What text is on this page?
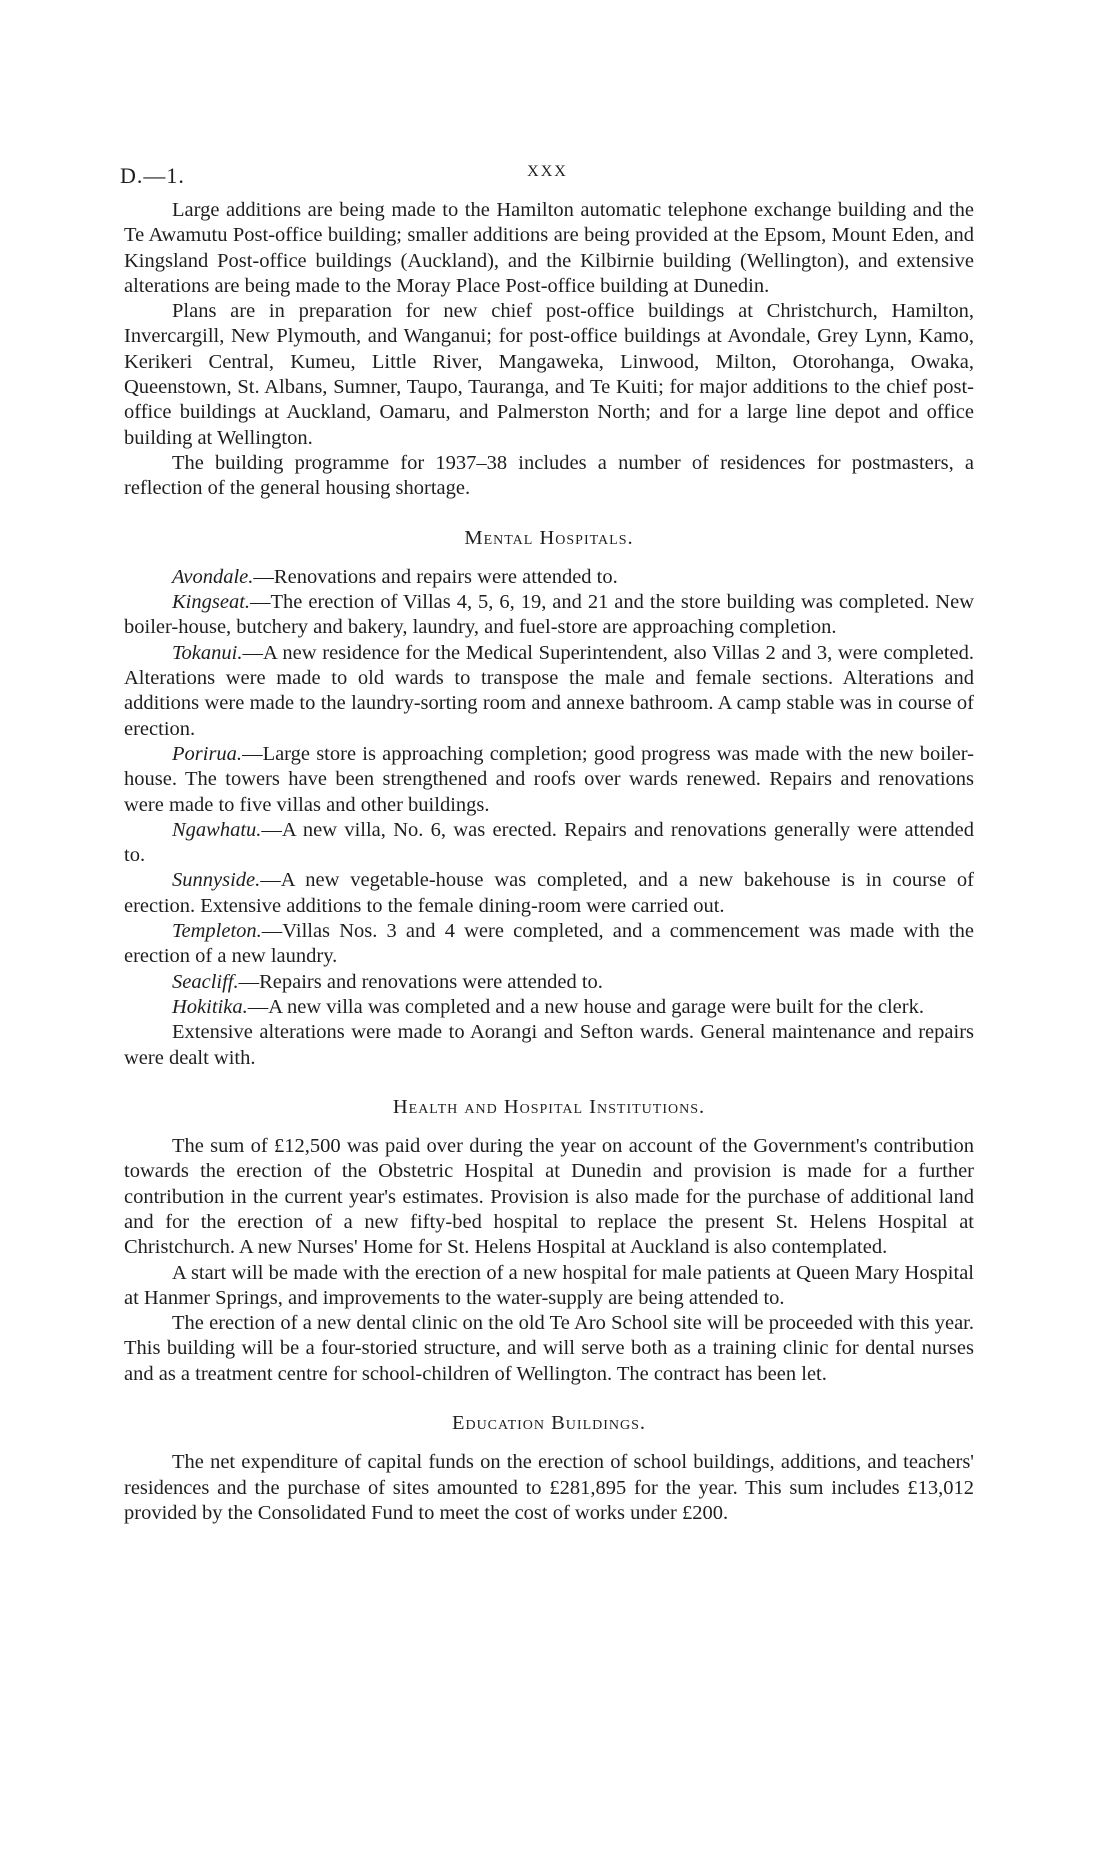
D.—1.	XXX

Large additions are being made to the Hamilton automatic telephone exchange building and the Te Awamutu Post-office building; smaller additions are being provided at the Epsom, Mount Eden, and Kingsland Post-office buildings (Auckland), and the Kilbirnie building (Wellington), and extensive alterations are being made to the Moray Place Post-office building at Dunedin.

Plans are in preparation for new chief post-office buildings at Christchurch, Hamilton, Invercargill, New Plymouth, and Wanganui; for post-office buildings at Avondale, Grey Lynn, Kamo, Kerikeri Central, Kumeu, Little River, Mangaweka, Linwood, Milton, Otorohanga, Owaka, Queenstown, St. Albans, Sumner, Taupo, Tauranga, and Te Kuiti; for major additions to the chief post-office buildings at Auckland, Oamaru, and Palmerston North; and for a large line depot and office building at Wellington.

The building programme for 1937–38 includes a number of residences for postmasters, a reflection of the general housing shortage.

Mental Hospitals.

Avondale.—Renovations and repairs were attended to.

Kingseat.—The erection of Villas 4, 5, 6, 19, and 21 and the store building was completed. New boiler-house, butchery and bakery, laundry, and fuel-store are approaching completion.

Tokanui.—A new residence for the Medical Superintendent, also Villas 2 and 3, were completed. Alterations were made to old wards to transpose the male and female sections. Alterations and additions were made to the laundry-sorting room and annexe bathroom. A camp stable was in course of erection.

Porirua.—Large store is approaching completion; good progress was made with the new boiler-house. The towers have been strengthened and roofs over wards renewed. Repairs and renovations were made to five villas and other buildings.

Ngawhatu.—A new villa, No. 6, was erected. Repairs and renovations generally were attended to.

Sunnyside.—A new vegetable-house was completed, and a new bakehouse is in course of erection. Extensive additions to the female dining-room were carried out.

Templeton.—Villas Nos. 3 and 4 were completed, and a commencement was made with the erection of a new laundry.

Seacliff.—Repairs and renovations were attended to.

Hokitika.—A new villa was completed and a new house and garage were built for the clerk.

Extensive alterations were made to Aorangi and Sefton wards. General maintenance and repairs were dealt with.

Health and Hospital Institutions.

The sum of £12,500 was paid over during the year on account of the Government's contribution towards the erection of the Obstetric Hospital at Dunedin and provision is made for a further contribution in the current year's estimates. Provision is also made for the purchase of additional land and for the erection of a new fifty-bed hospital to replace the present St. Helens Hospital at Christchurch. A new Nurses' Home for St. Helens Hospital at Auckland is also contemplated.

A start will be made with the erection of a new hospital for male patients at Queen Mary Hospital at Hanmer Springs, and improvements to the water-supply are being attended to.

The erection of a new dental clinic on the old Te Aro School site will be proceeded with this year. This building will be a four-storied structure, and will serve both as a training clinic for dental nurses and as a treatment centre for school-children of Wellington. The contract has been let.

Education Buildings.

The net expenditure of capital funds on the erection of school buildings, additions, and teachers' residences and the purchase of sites amounted to £281,895 for the year. This sum includes £13,012 provided by the Consolidated Fund to meet the cost of works under £200.
